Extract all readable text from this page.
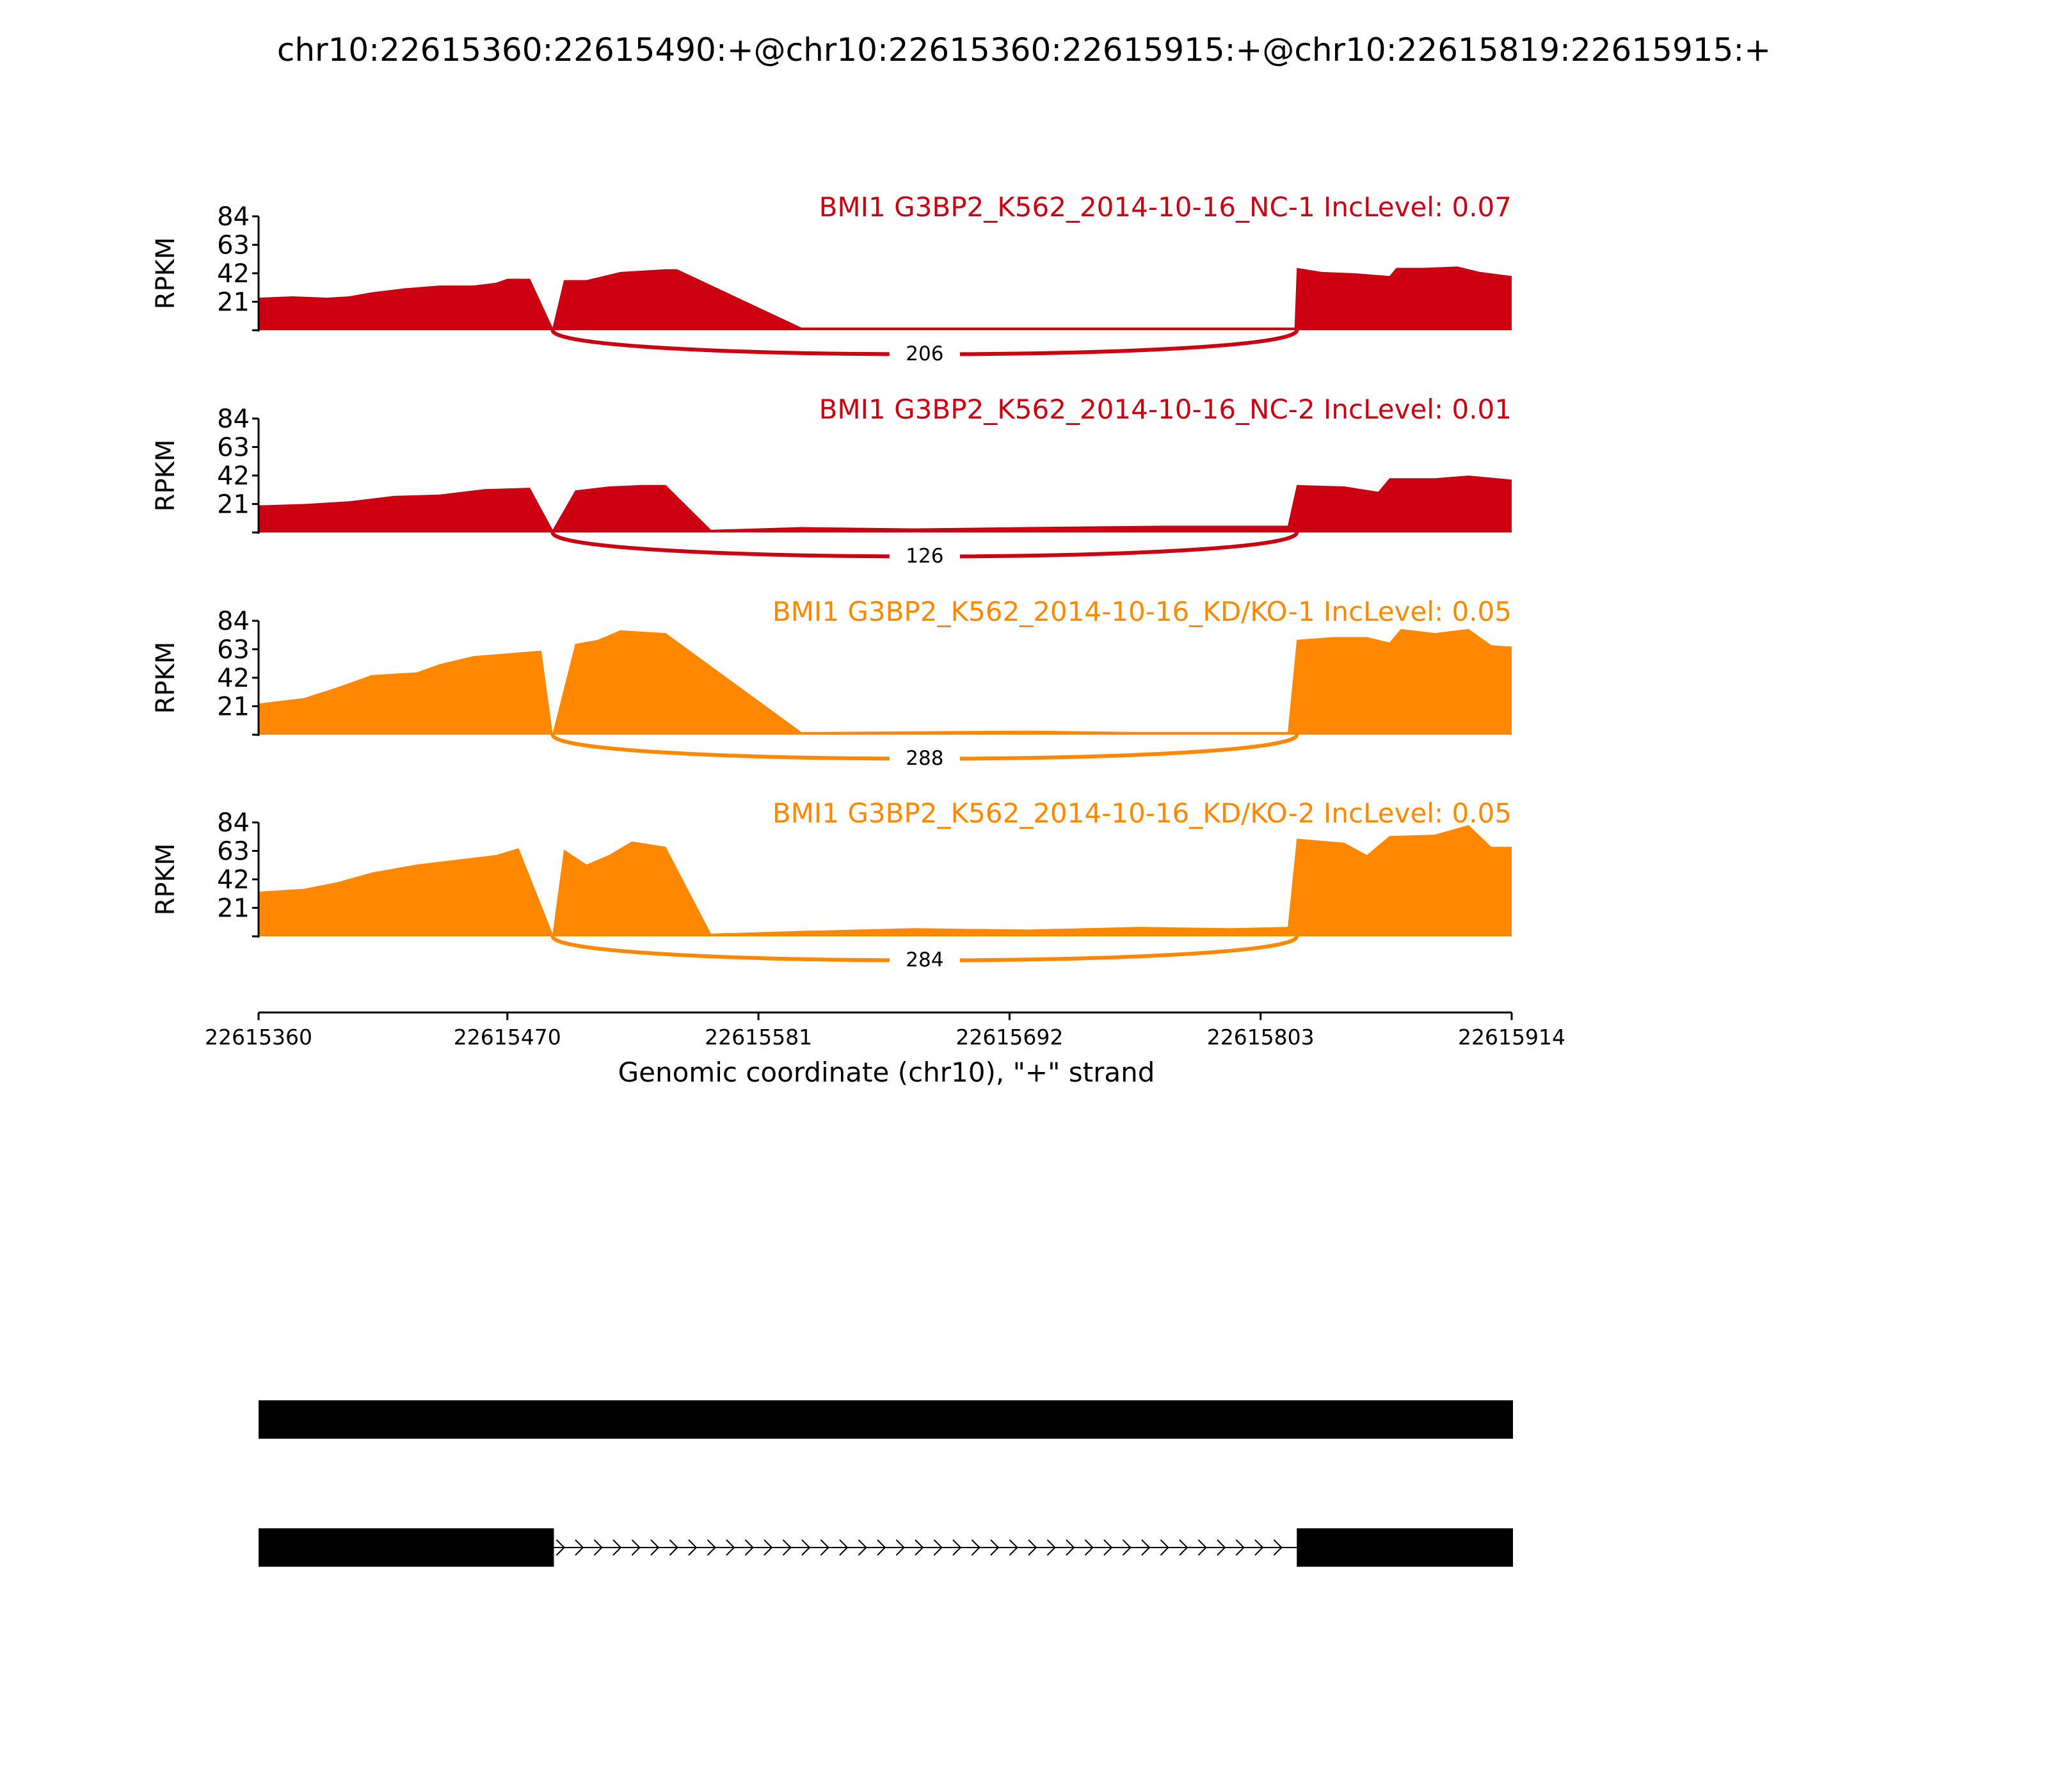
chr10:22615360:22615490:+@chr10:22615360:22615915:+@chr10:22615819:22615915:+
21
42
63
84
RPKM
BMI1 G3BP2_K562_2014-10-16_NC-1 IncLevel: 0.07
206
21
42
63
84
RPKM
BMI1 G3BP2_K562_2014-10-16_NC-2 IncLevel: 0.01
126
21
42
63
84
RPKM
BMI1 G3BP2_K562_2014-10-16_KD/KO-1 IncLevel: 0.05
288
21
42
63
84
RPKM
BMI1 G3BP2_K562_2014-10-16_KD/KO-2 IncLevel: 0.05
284
22615360	22615470	22615581	22615692	22615803	22615914
Genomic coordinate (chr10), "+" strand
